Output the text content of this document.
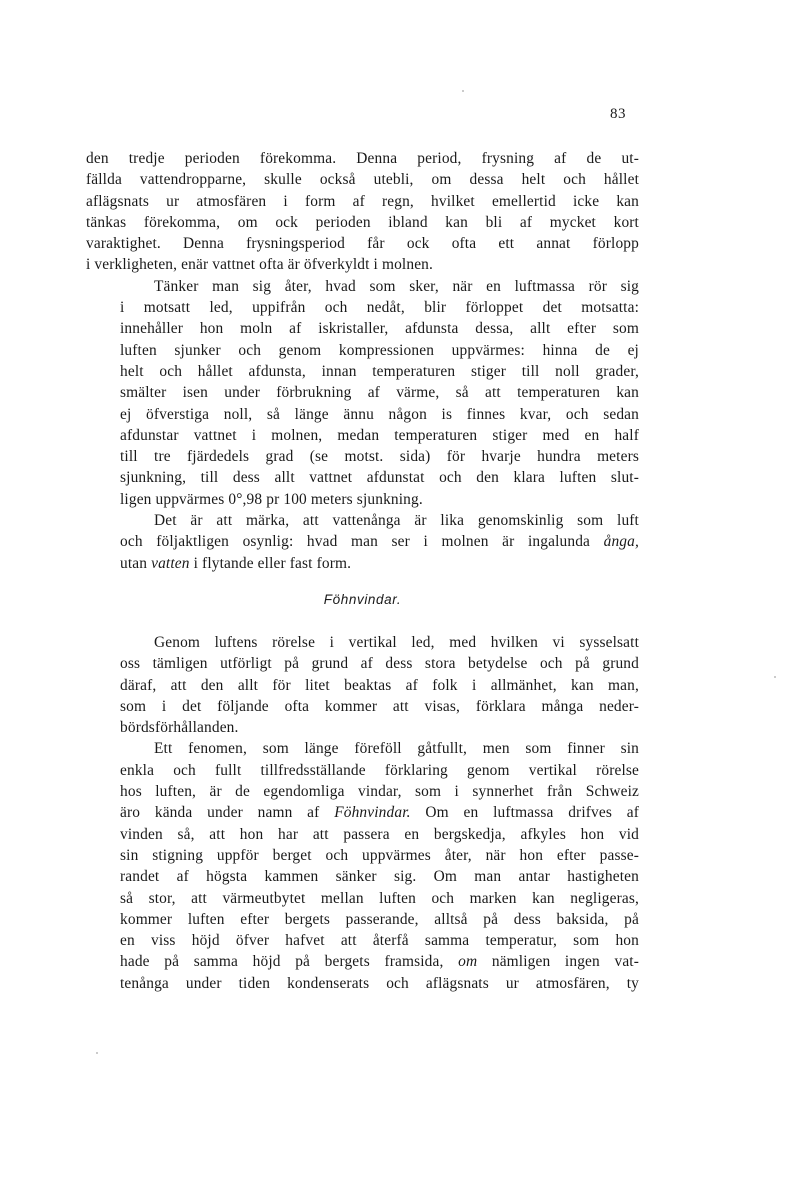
83

den tredje perioden förekomma. Denna period, frysning af de ut-
fällda vattendropparne, skulle också utebli, om dessa helt och hållet
aflägsnats ur atmosfären i form af regn, hvilket emellertid icke kan
tänkas förekomma, om ock perioden ibland kan bli af mycket kort
varaktighet. Denna frysningsperiod får ock ofta ett annat förlopp
i verkligheten, enär vattnet ofta är öfverkyldt i molnen.

Tänker man sig åter, hvad som sker, när en luftmassa rör sig
i motsatt led, uppifrån och nedåt, blir förloppet det motsatta:
innehåller hon moln af iskristaller, afdunsta dessa, allt efter som
luften sjunker och genom kompressionen uppvärmes: hinna de ej
helt och hållet afdunsta, innan temperaturen stiger till noll grader,
smälter isen under förbrukning af värme, så att temperaturen kan
ej öfverstiga noll, så länge ännu någon is finnes kvar, och sedan
afdunstar vattnet i molnen, medan temperaturen stiger med en half
till tre fjärdedels grad (se motst. sida) för hvarje hundra meters
sjunkning, till dess allt vattnet afdunstat och den klara luften slut-
ligen uppvärmes 0°,98 pr 100 meters sjunkning.

Det är att märka, att vattenånga är lika genomskinlig som luft
och följaktligen osynlig: hvad man ser i molnen är ingalunda ånga,
utan vatten i flytande eller fast form.

Föhnvindar.

Genom luftens rörelse i vertikal led, med hvilken vi sysselsatt
oss tämligen utförligt på grund af dess stora betydelse och på grund
däraf, att den allt för litet beaktas af folk i allmänhet, kan man,
som i det följande ofta kommer att visas, förklara många neder-
bördsförhållanden.

Ett fenomen, som länge föreföll gåtfullt, men som finner sin
enkla och fullt tillfredsställande förklaring genom vertikal rörelse
hos luften, är de egendomliga vindar, som i synnerhet från Schweiz
äro kända under namn af Föhnvindar. Om en luftmassa drifves af
vinden så, att hon har att passera en bergskedja, afkyles hon vid
sin stigning uppför berget och uppvärmes åter, när hon efter passe-
randet af högsta kammen sänker sig. Om man antar hastigheten
så stor, att värmeutbytet mellan luften och marken kan negligeras,
kommer luften efter bergets passerande, alltså på dess baksida, på
en viss höjd öfver hafvet att återfå samma temperatur, som hon
hade på samma höjd på bergets framsida, om nämligen ingen vat-
tenånga under tiden kondenserats och aflägsnats ur atmosfären, ty
